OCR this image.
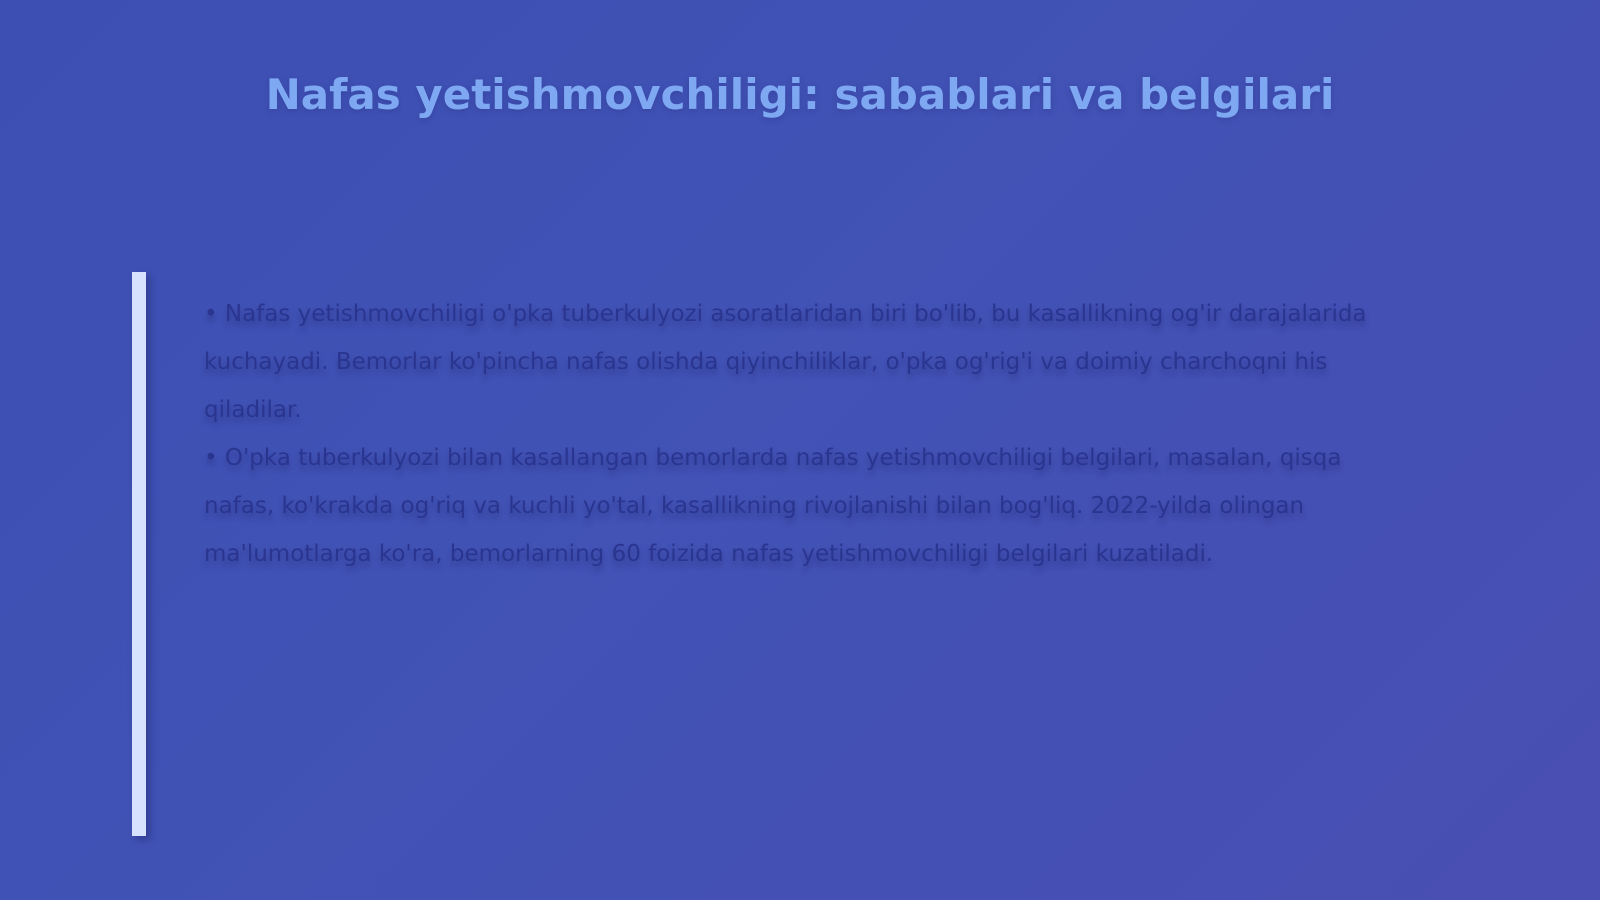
Nafas yetishmovchiligi: sabablari va belgilari

• Nafas yetishmovchiligi o'pka tuberkulyozi asoratlaridan biri bo'lib, bu kasallikning og'ir darajalarida kuchayadi. Bemorlar ko'pincha nafas olishda qiyinchiliklar, o'pka og'rig'i va doimiy charchoqni his qiladilar.

• O'pka tuberkulyozi bilan kasallangan bemorlarda nafas yetishmovchiligi belgilari, masalan, qisqa nafas, ko'krakda og'riq va kuchli yo'tal, kasallikning rivojlanishi bilan bog'liq. 2022-yilda olingan ma'lumotlarga ko'ra, bemorlarning 60 foizida nafas yetishmovchiligi belgilari kuzatiladi.
